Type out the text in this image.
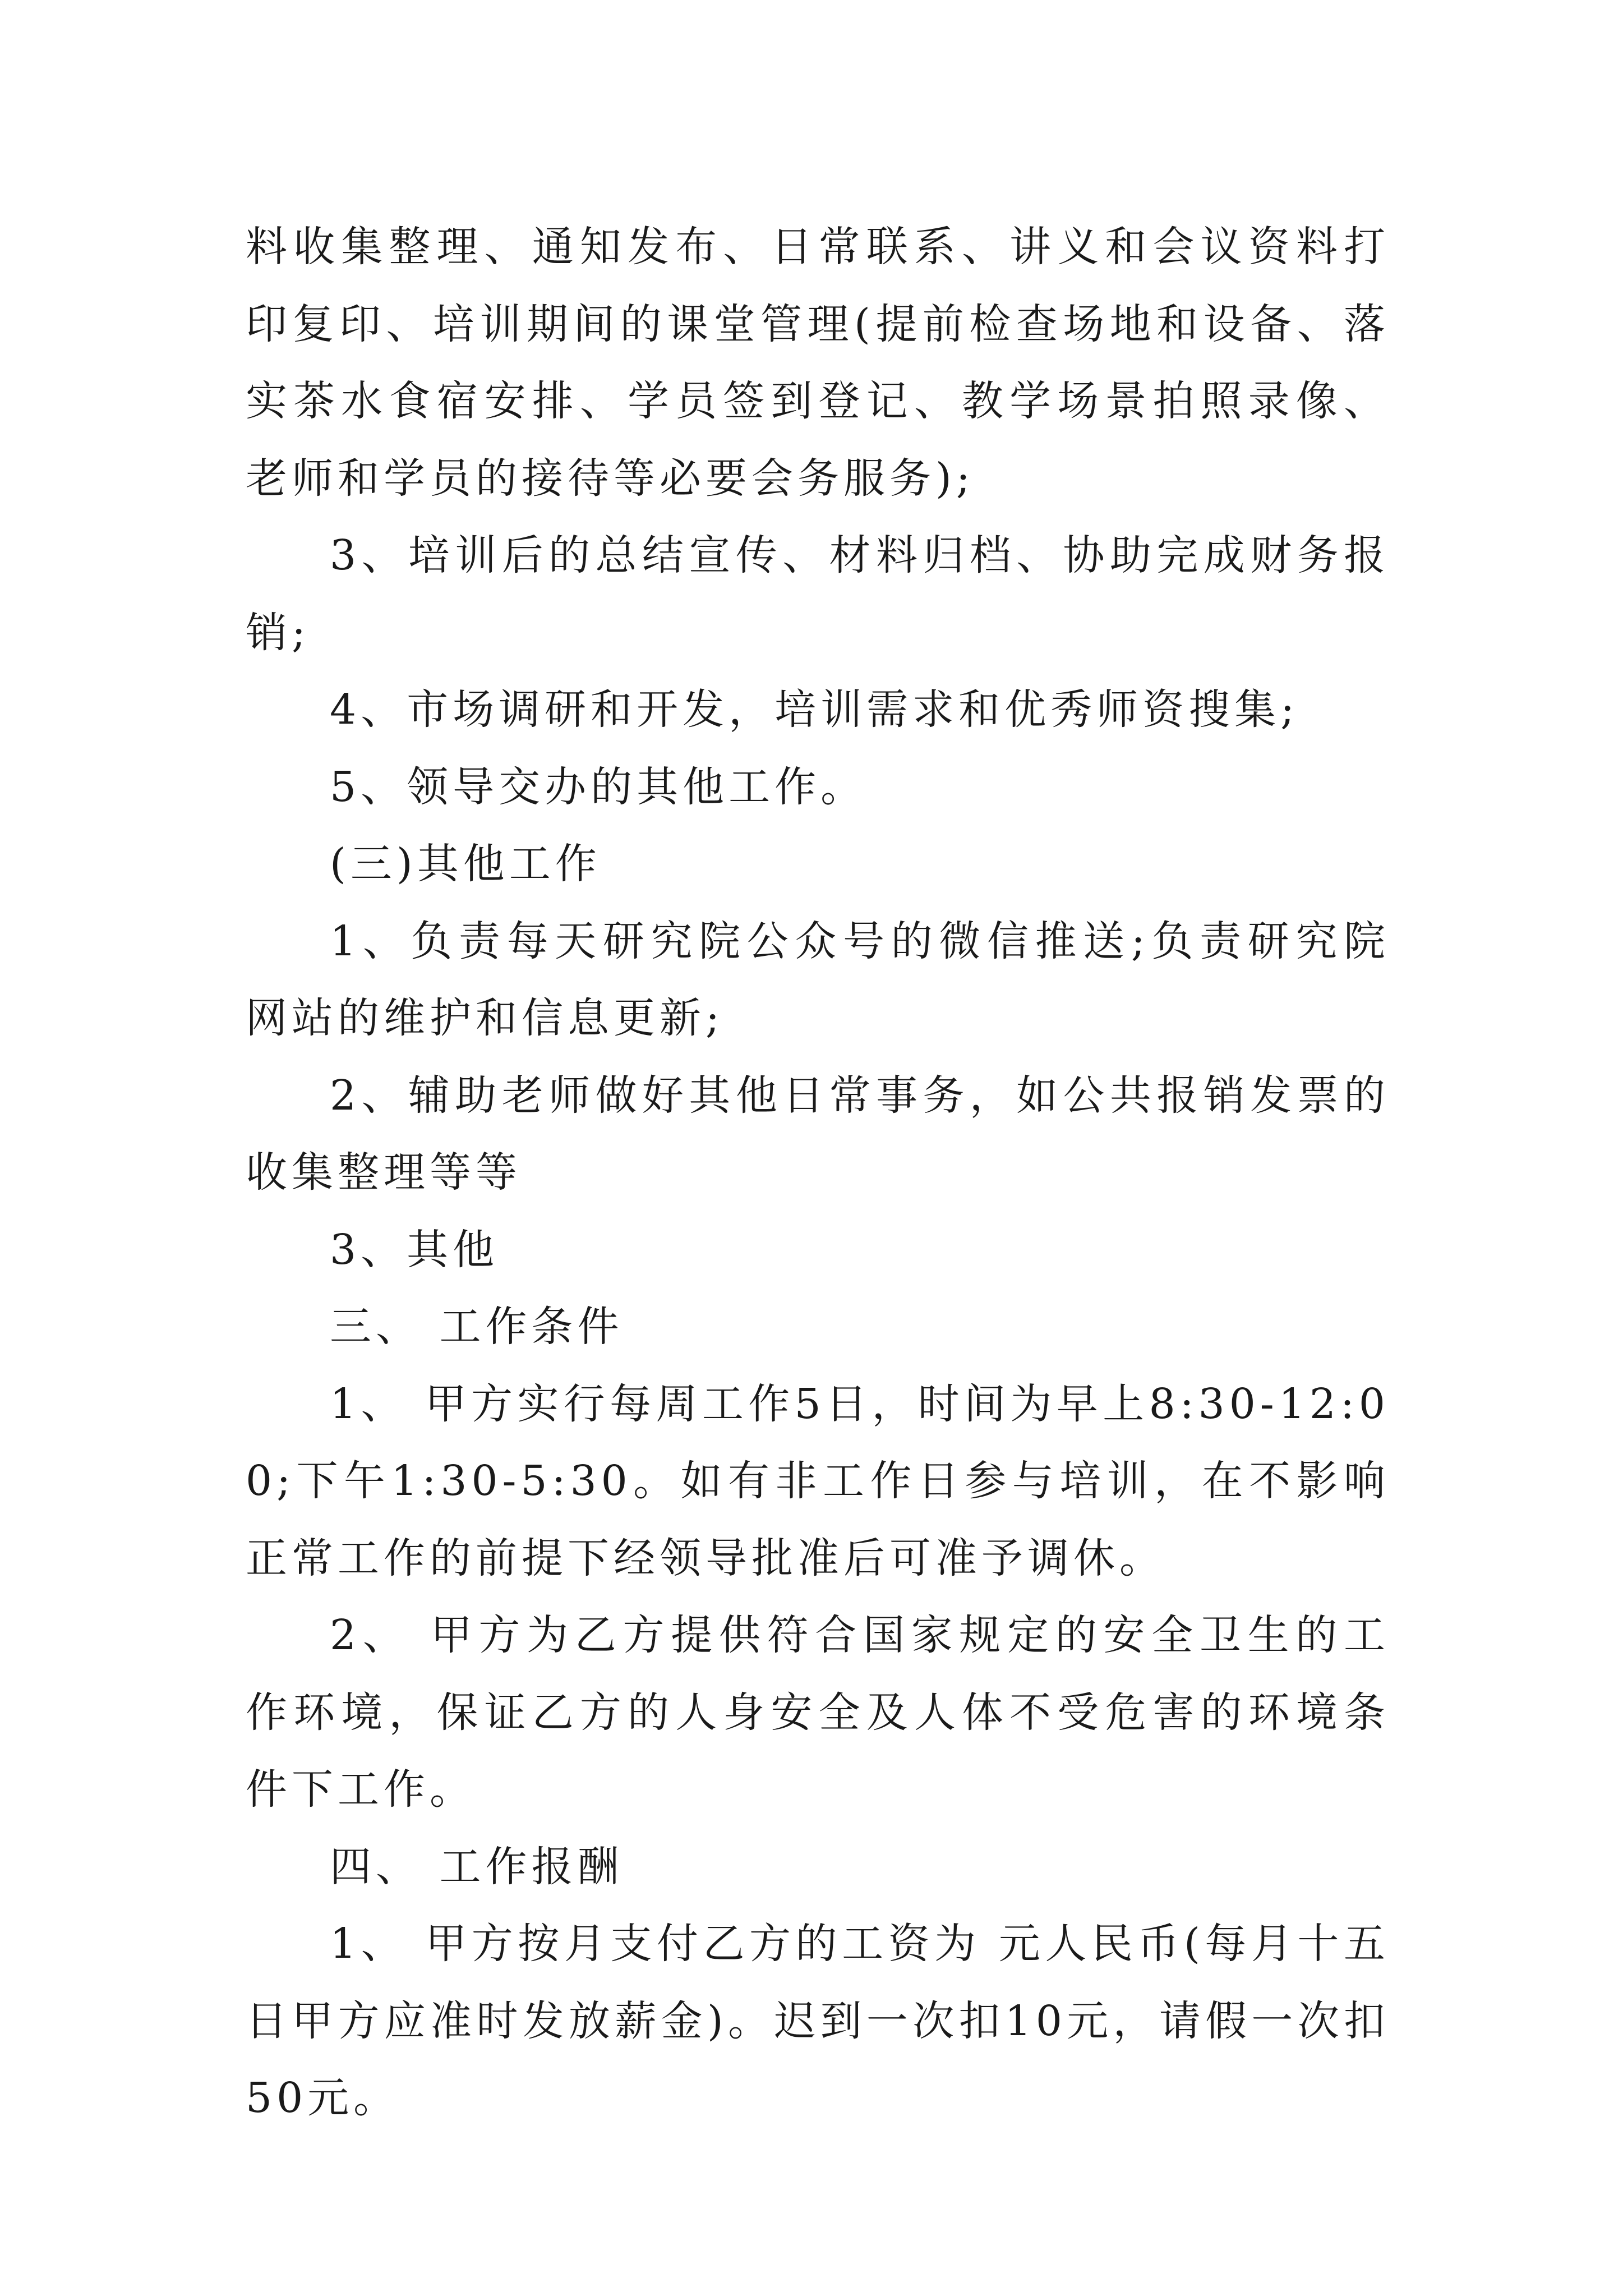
料收集整理、通知发布、日常联系、讲义和会议资料打印复印、培训期间的课堂管理(提前检查场地和设备、落实茶水食宿安排、学员签到登记、教学场景拍照录像、老师和学员的接待等必要会务服务);

3、培训后的总结宣传、材料归档、协助完成财务报销;

4、市场调研和开发，培训需求和优秀师资搜集;

5、领导交办的其他工作。

(三)其他工作

1、负责每天研究院公众号的微信推送;负责研究院网站的维护和信息更新;

2、辅助老师做好其他日常事务，如公共报销发票的收集整理等等

3、其他

三、 工作条件

1、 甲方实行每周工作5日，时间为早上8:30-12:00;下午1:30-5:30。如有非工作日参与培训，在不影响正常工作的前提下经领导批准后可准予调休。

2、 甲方为乙方提供符合国家规定的安全卫生的工作环境，保证乙方的人身安全及人体不受危害的环境条件下工作。

四、 工作报酬

1、 甲方按月支付乙方的工资为 元人民币(每月十五日甲方应准时发放薪金)。迟到一次扣10元，请假一次扣50元。
